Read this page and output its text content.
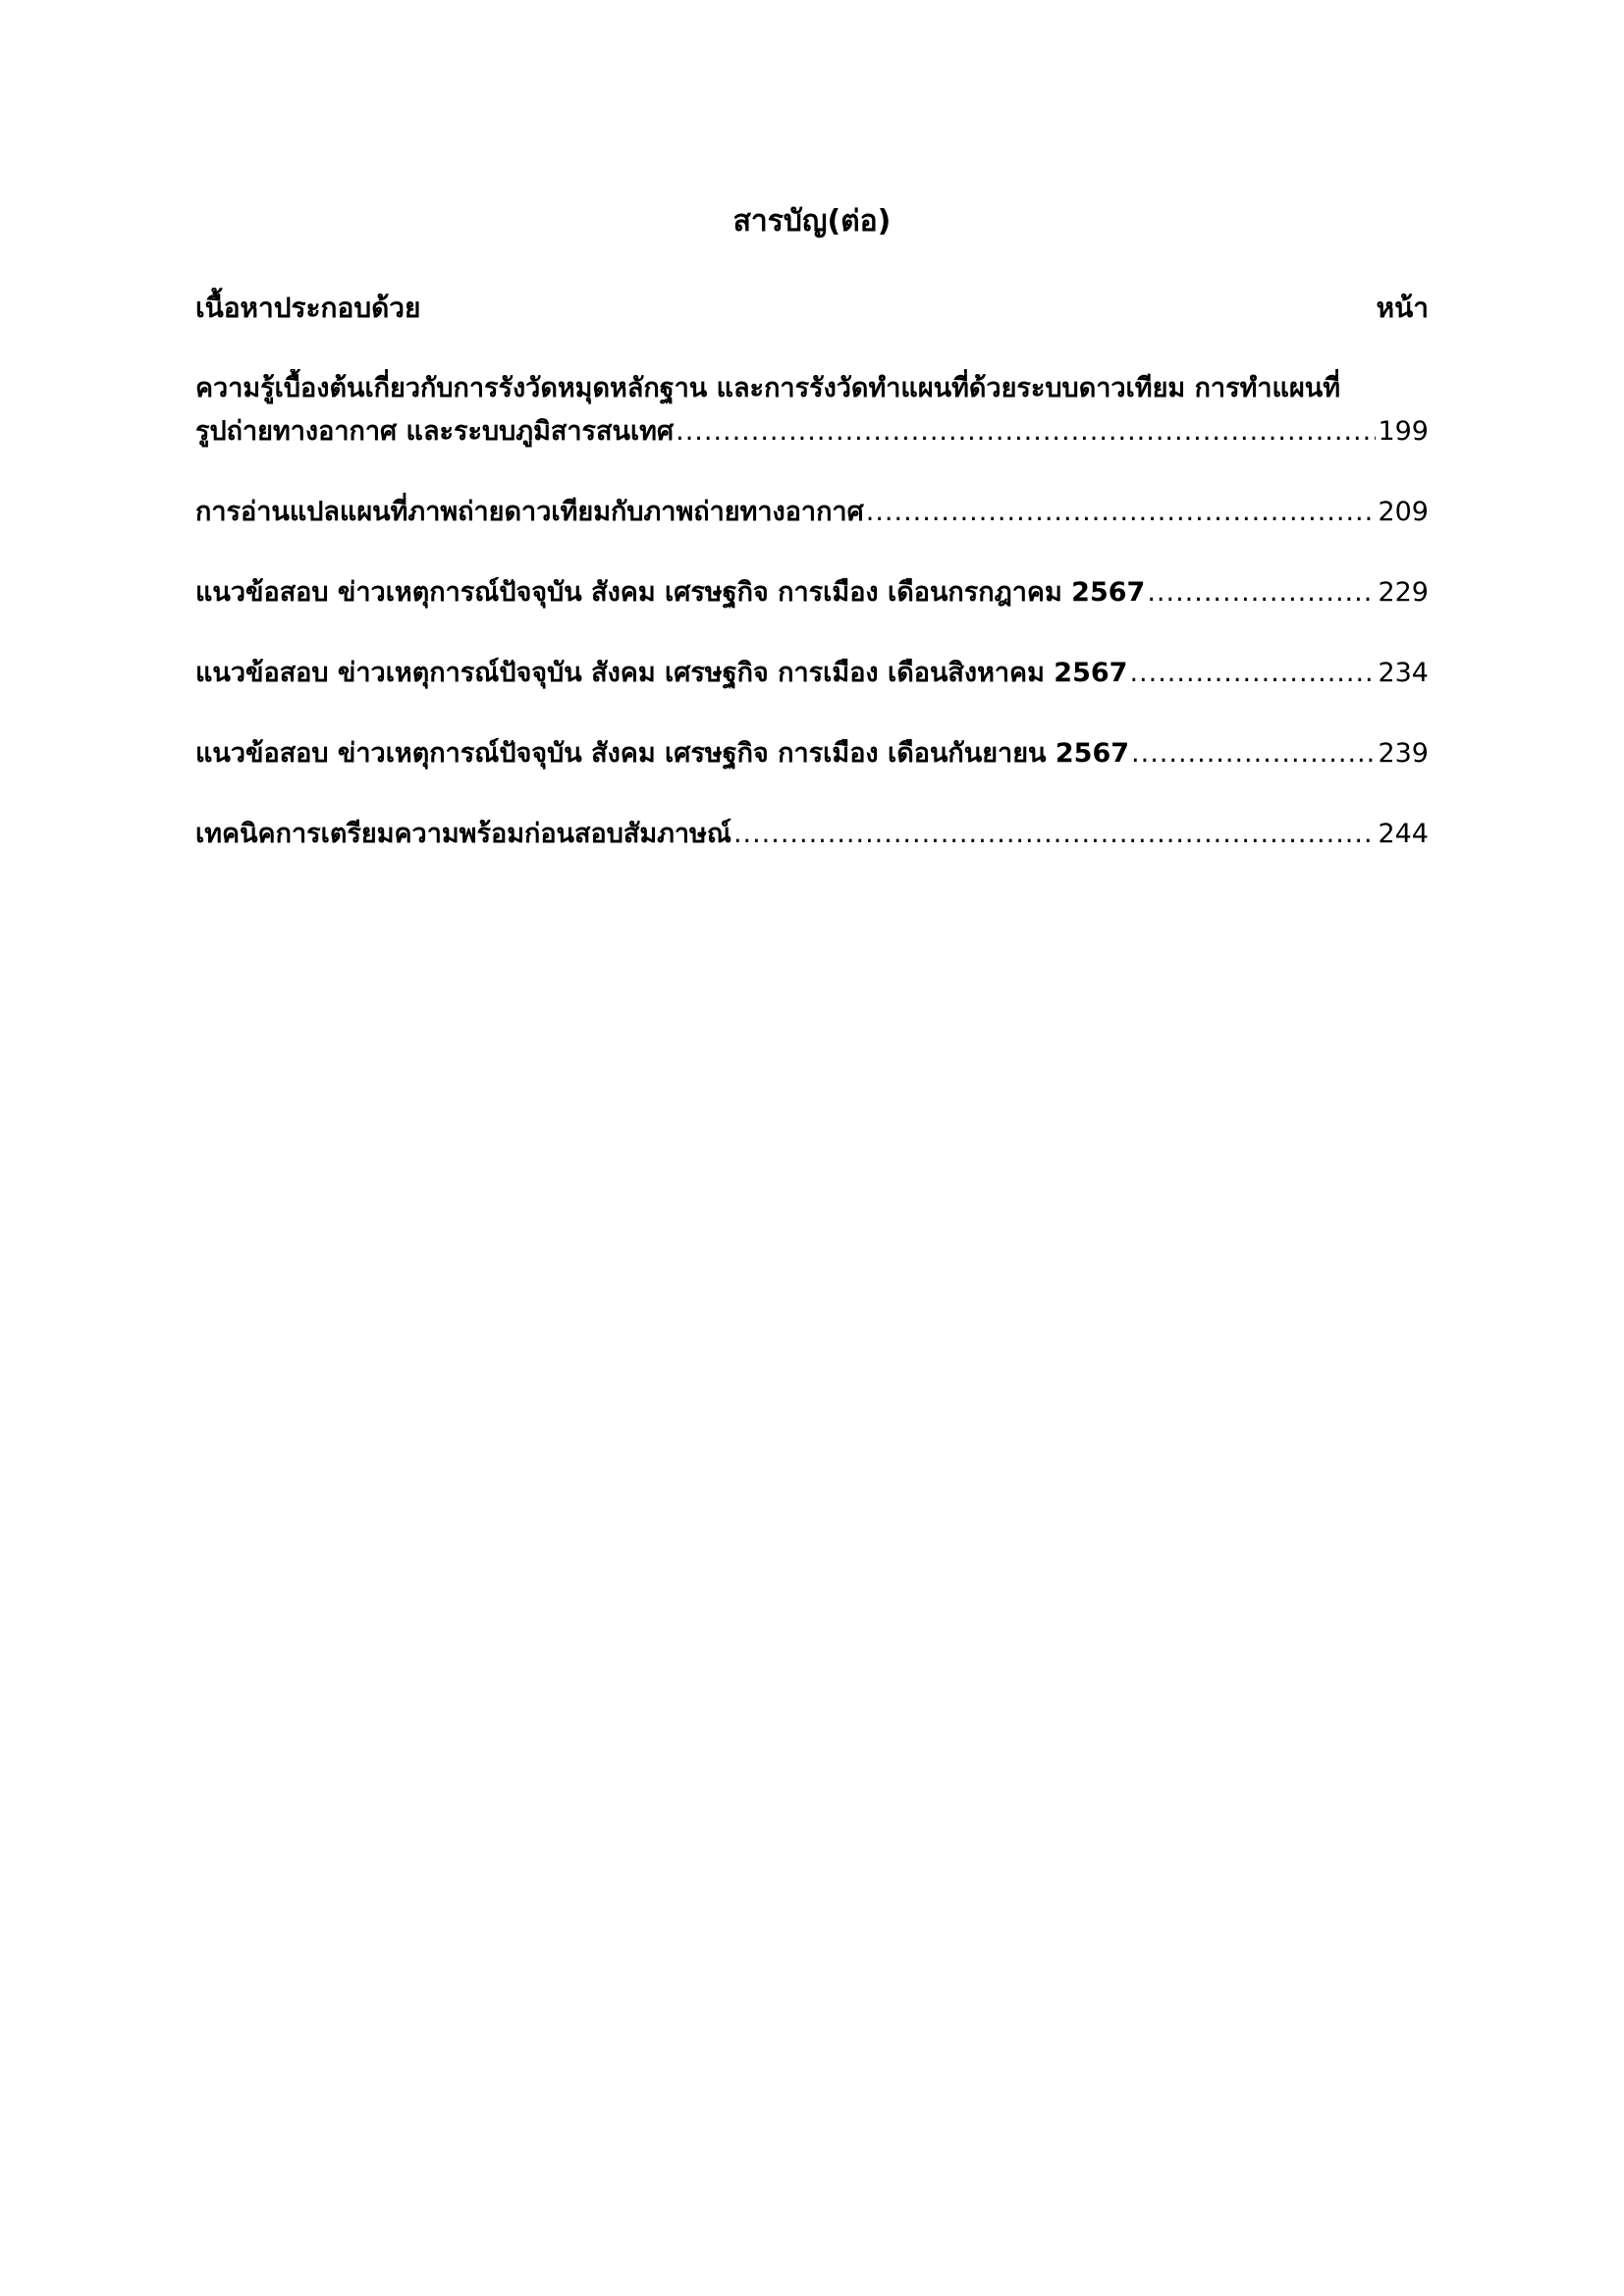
สารบัญ(ต่อ)
เนื้อหาประกอบด้วย	หน้า
ความรู้เบื้องต้นเกี่ยวกับการรังวัดหมุดหลักฐาน และการรังวัดทำแผนที่ด้วยระบบดาวเทียม การทำแผนที่
รูปถ่ายทางอากาศ และระบบภูมิสารสนเทศ .....	199
การอ่านแปลแผนที่ภาพถ่ายดาวเทียมกับภาพถ่ายทางอากาศ .....	209
แนวข้อสอบ ข่าวเหตุการณ์ปัจจุบัน สังคม เศรษฐกิจ การเมือง เดือนกรกฎาคม 2567 .....	229
แนวข้อสอบ ข่าวเหตุการณ์ปัจจุบัน สังคม เศรษฐกิจ การเมือง เดือนสิงหาคม 2567 .....	234
แนวข้อสอบ ข่าวเหตุการณ์ปัจจุบัน สังคม เศรษฐกิจ การเมือง เดือนกันยายน 2567 .....	239
เทคนิคการเตรียมความพร้อมก่อนสอบสัมภาษณ์ .....	244
